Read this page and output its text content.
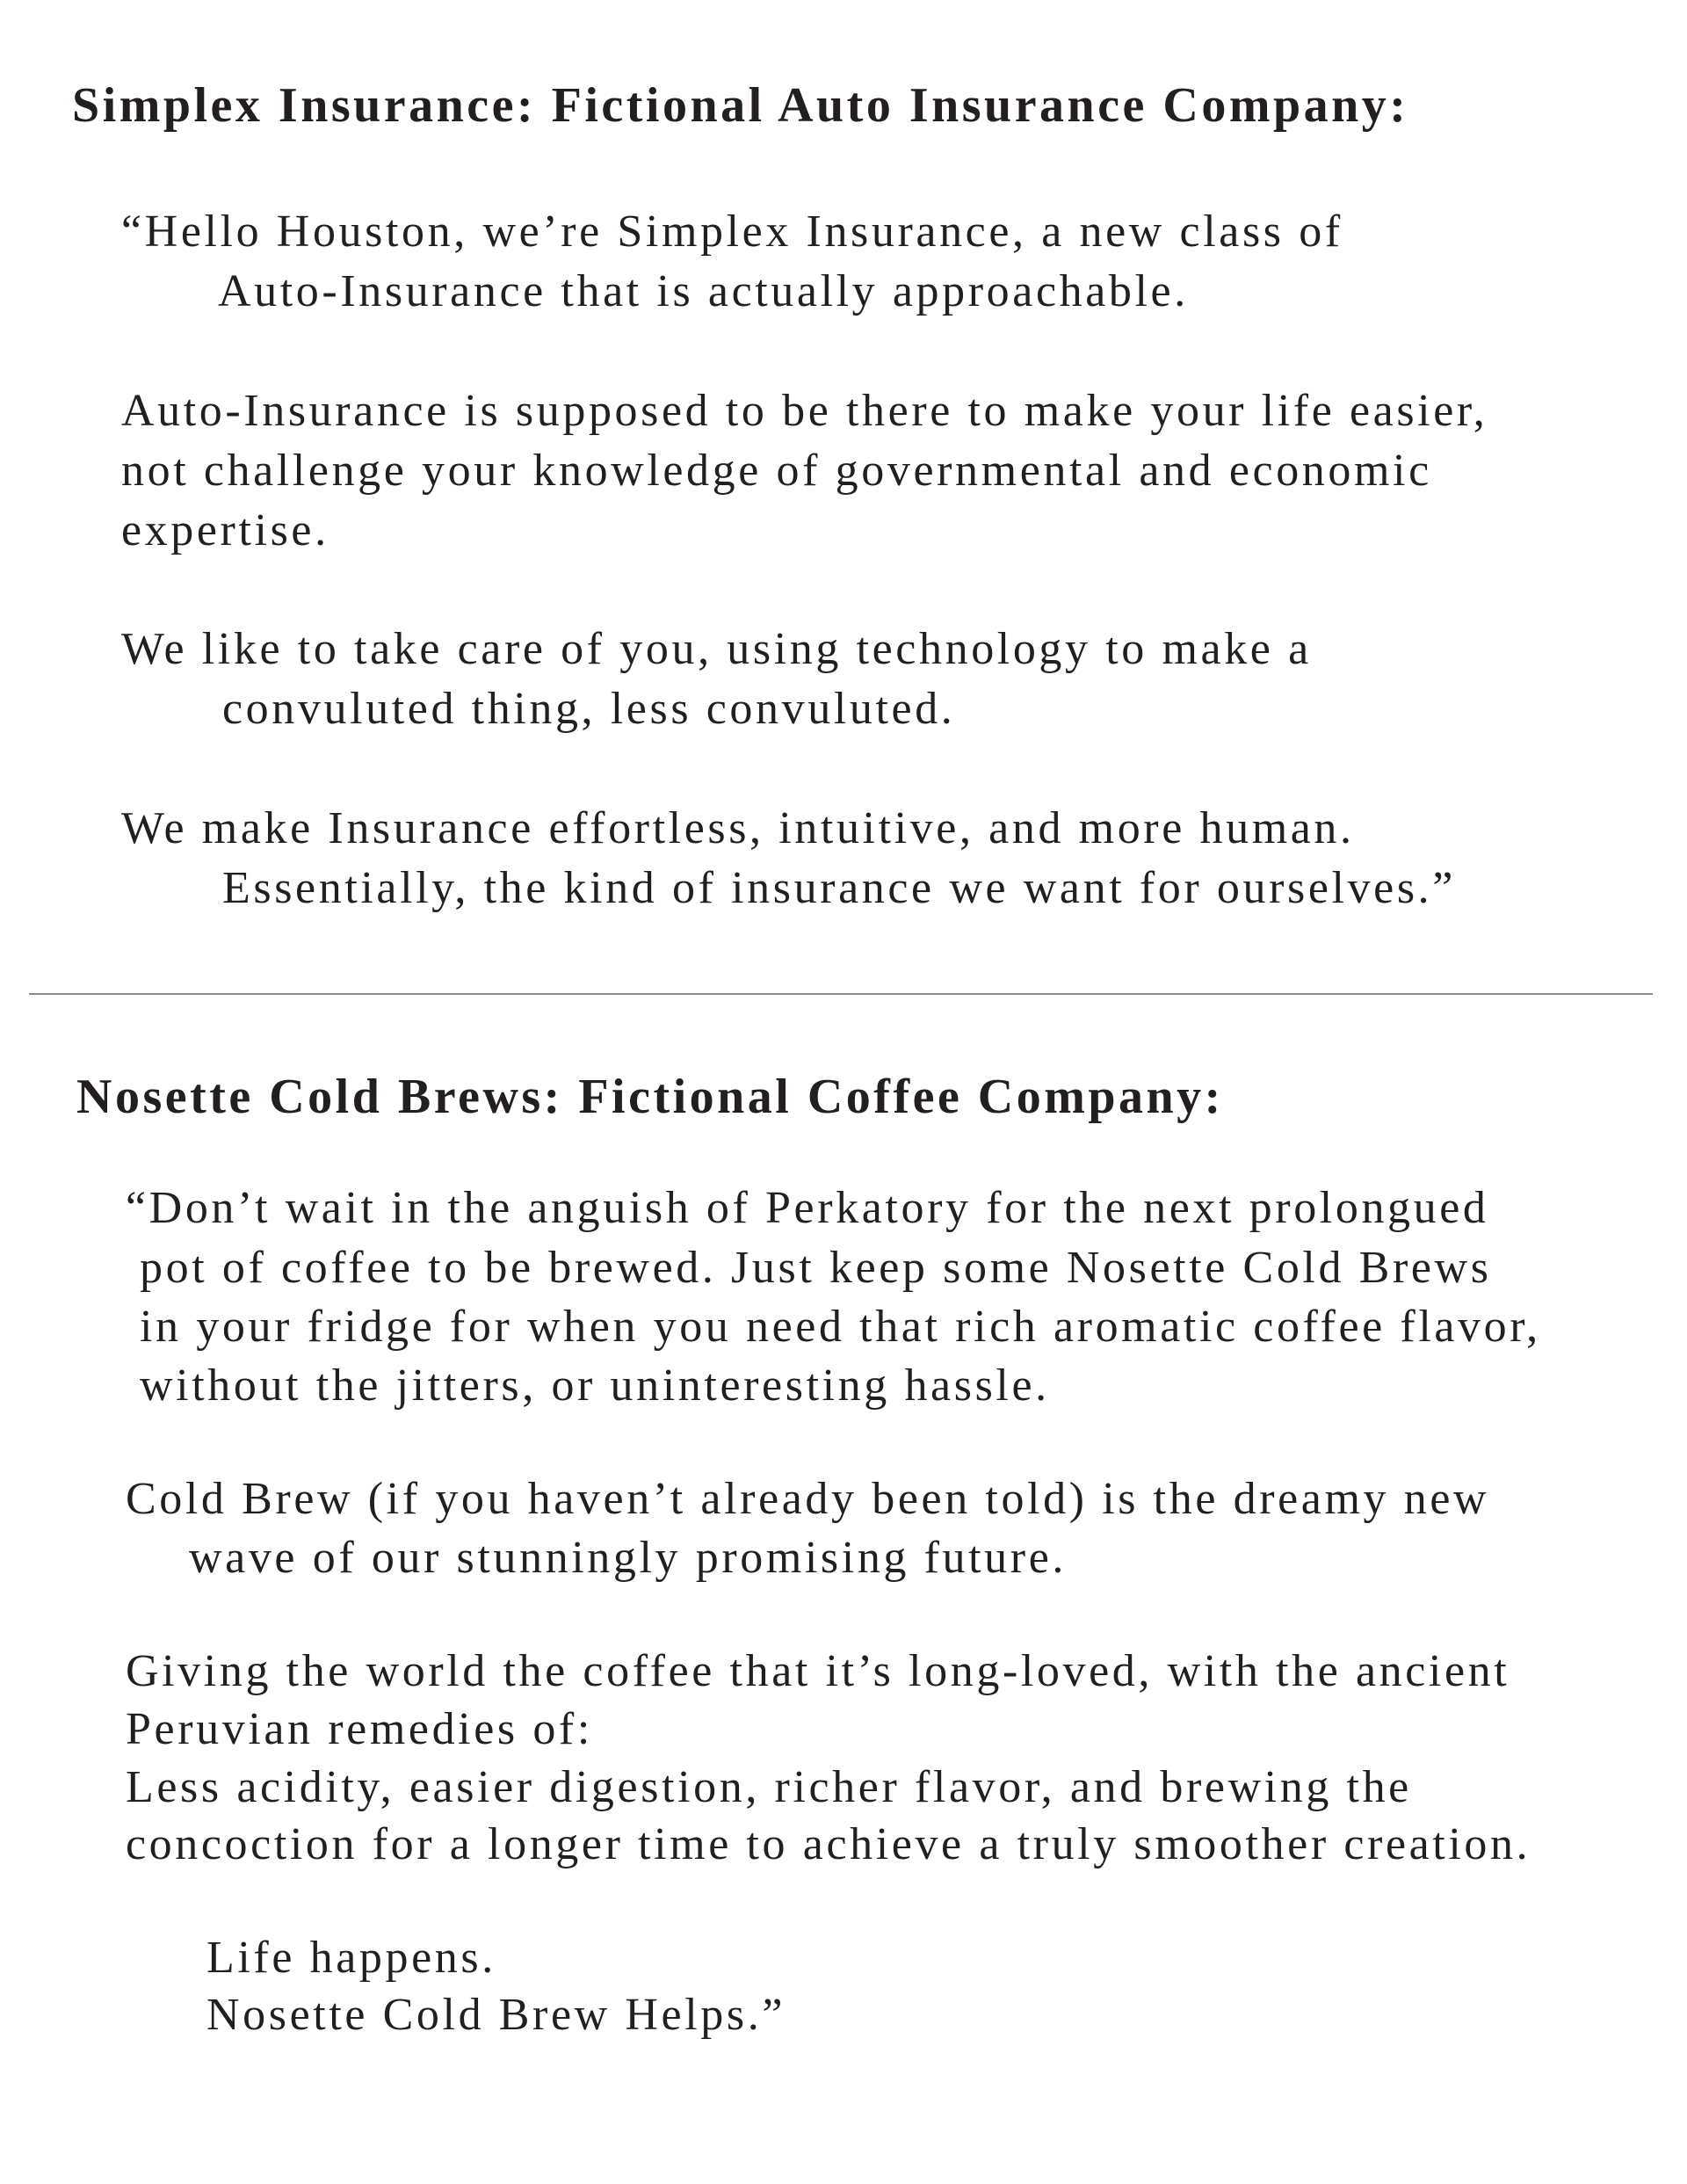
Simplex Insurance: Fictional Auto Insurance Company:

“Hello Houston, we’re Simplex Insurance, a new class of

Auto-Insurance that is actually approachable.

Auto-Insurance is supposed to be there to make your life easier,

not challenge your knowledge of governmental and economic

expertise.

We like to take care of you, using technology to make a

convuluted thing, less convuluted.

We make Insurance effortless, intuitive, and more human.

Essentially, the kind of insurance we want for ourselves.”

Nosette Cold Brews: Fictional Coffee Company:

“Don’t wait in the anguish of Perkatory for the next prolongued

pot of coffee to be brewed. Just keep some Nosette Cold Brews

in your fridge for when you need that rich aromatic coffee flavor,

without the jitters, or uninteresting hassle.

Cold Brew (if you haven’t already been told) is the dreamy new

wave of our stunningly promising future.

Giving the world the coffee that it’s long-loved, with the ancient

Peruvian remedies of:

Less acidity, easier digestion, richer flavor, and brewing the

concoction for a longer time to achieve a truly smoother creation.

Life happens.

Nosette Cold Brew Helps.”
